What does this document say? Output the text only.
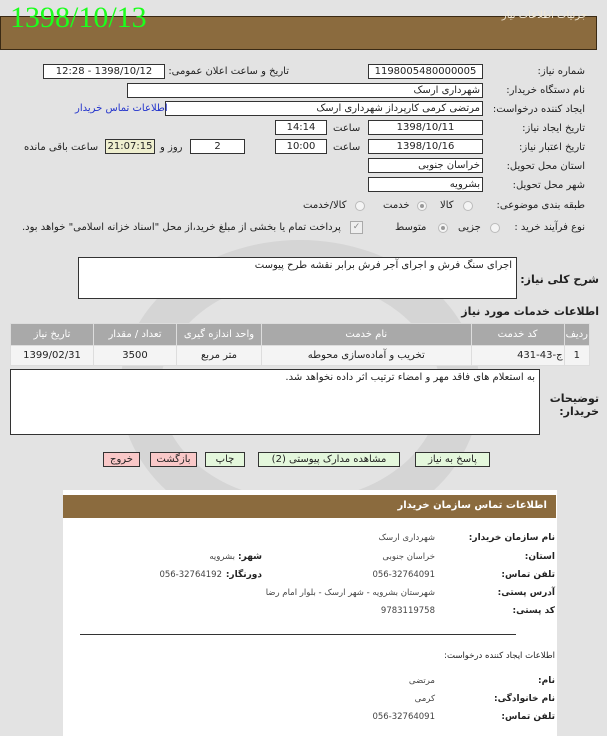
1398/10/13	جزئیات اطلاعات نیاز
شماره نیاز:
1198005480000005
تاریخ و ساعت اعلان عمومی:
1398/10/12 - 12:28
نام دستگاه خریدار:
شهرداری ارسک
ایجاد کننده درخواست:
مرتضی کرمی کارپرداز شهرداری ارسک
اطلاعات تماس خریدار
تاریخ ایجاد نیاز:
1398/10/11
ساعت
14:14
تاریخ اعتبار نیاز:
1398/10/16
ساعت
10:00
2
روز و
21:07:15
ساعت باقی مانده
استان محل تحویل:
خراسان جنوبی
شهر محل تحویل:
بشرویه
طبقه بندی موضوعی:
کالا
خدمت
کالا/خدمت
نوع فرآیند خرید :
جزیی
متوسط
✓
پرداخت تمام یا بخشی از مبلغ خرید،از محل "اسناد خزانه اسلامی" خواهد بود.
اجرای سنگ فرش و اجرای آجر فرش برابر نقشه طرح پیوست
شرح کلی نیاز:
اطلاعات خدمات مورد نیاز
ردیف	کد خدمت	نام خدمت	واحد اندازه گیری	تعداد / مقدار	تاریخ نیاز
1	ج-43-431	تخریب و آماده‌سازی محوطه	متر مربع	3500	1399/02/31
به استعلام های فاقد مهر و امضاء ترتیب اثر داده نخواهد شد.
توضیحات خریدار:
پاسخ به نیاز
مشاهده مدارک پیوستی (2)
چاپ
بازگشت
خروج
اطلاعات تماس سازمان خریدار
نام سازمان خریدار:
شهرداری ارسک
استان:
خراسان جنوبی
شهر:
بشرویه
تلفن تماس:
056-32764091
دورنگار:
056-32764192
آدرس پستی:
شهرستان بشرویه - شهر ارسک - بلوار امام رضا
کد پستی:
9783119758
اطلاعات ایجاد کننده درخواست:
نام:
مرتضی
نام خانوادگی:
کرمی
تلفن تماس:
056-32764091
